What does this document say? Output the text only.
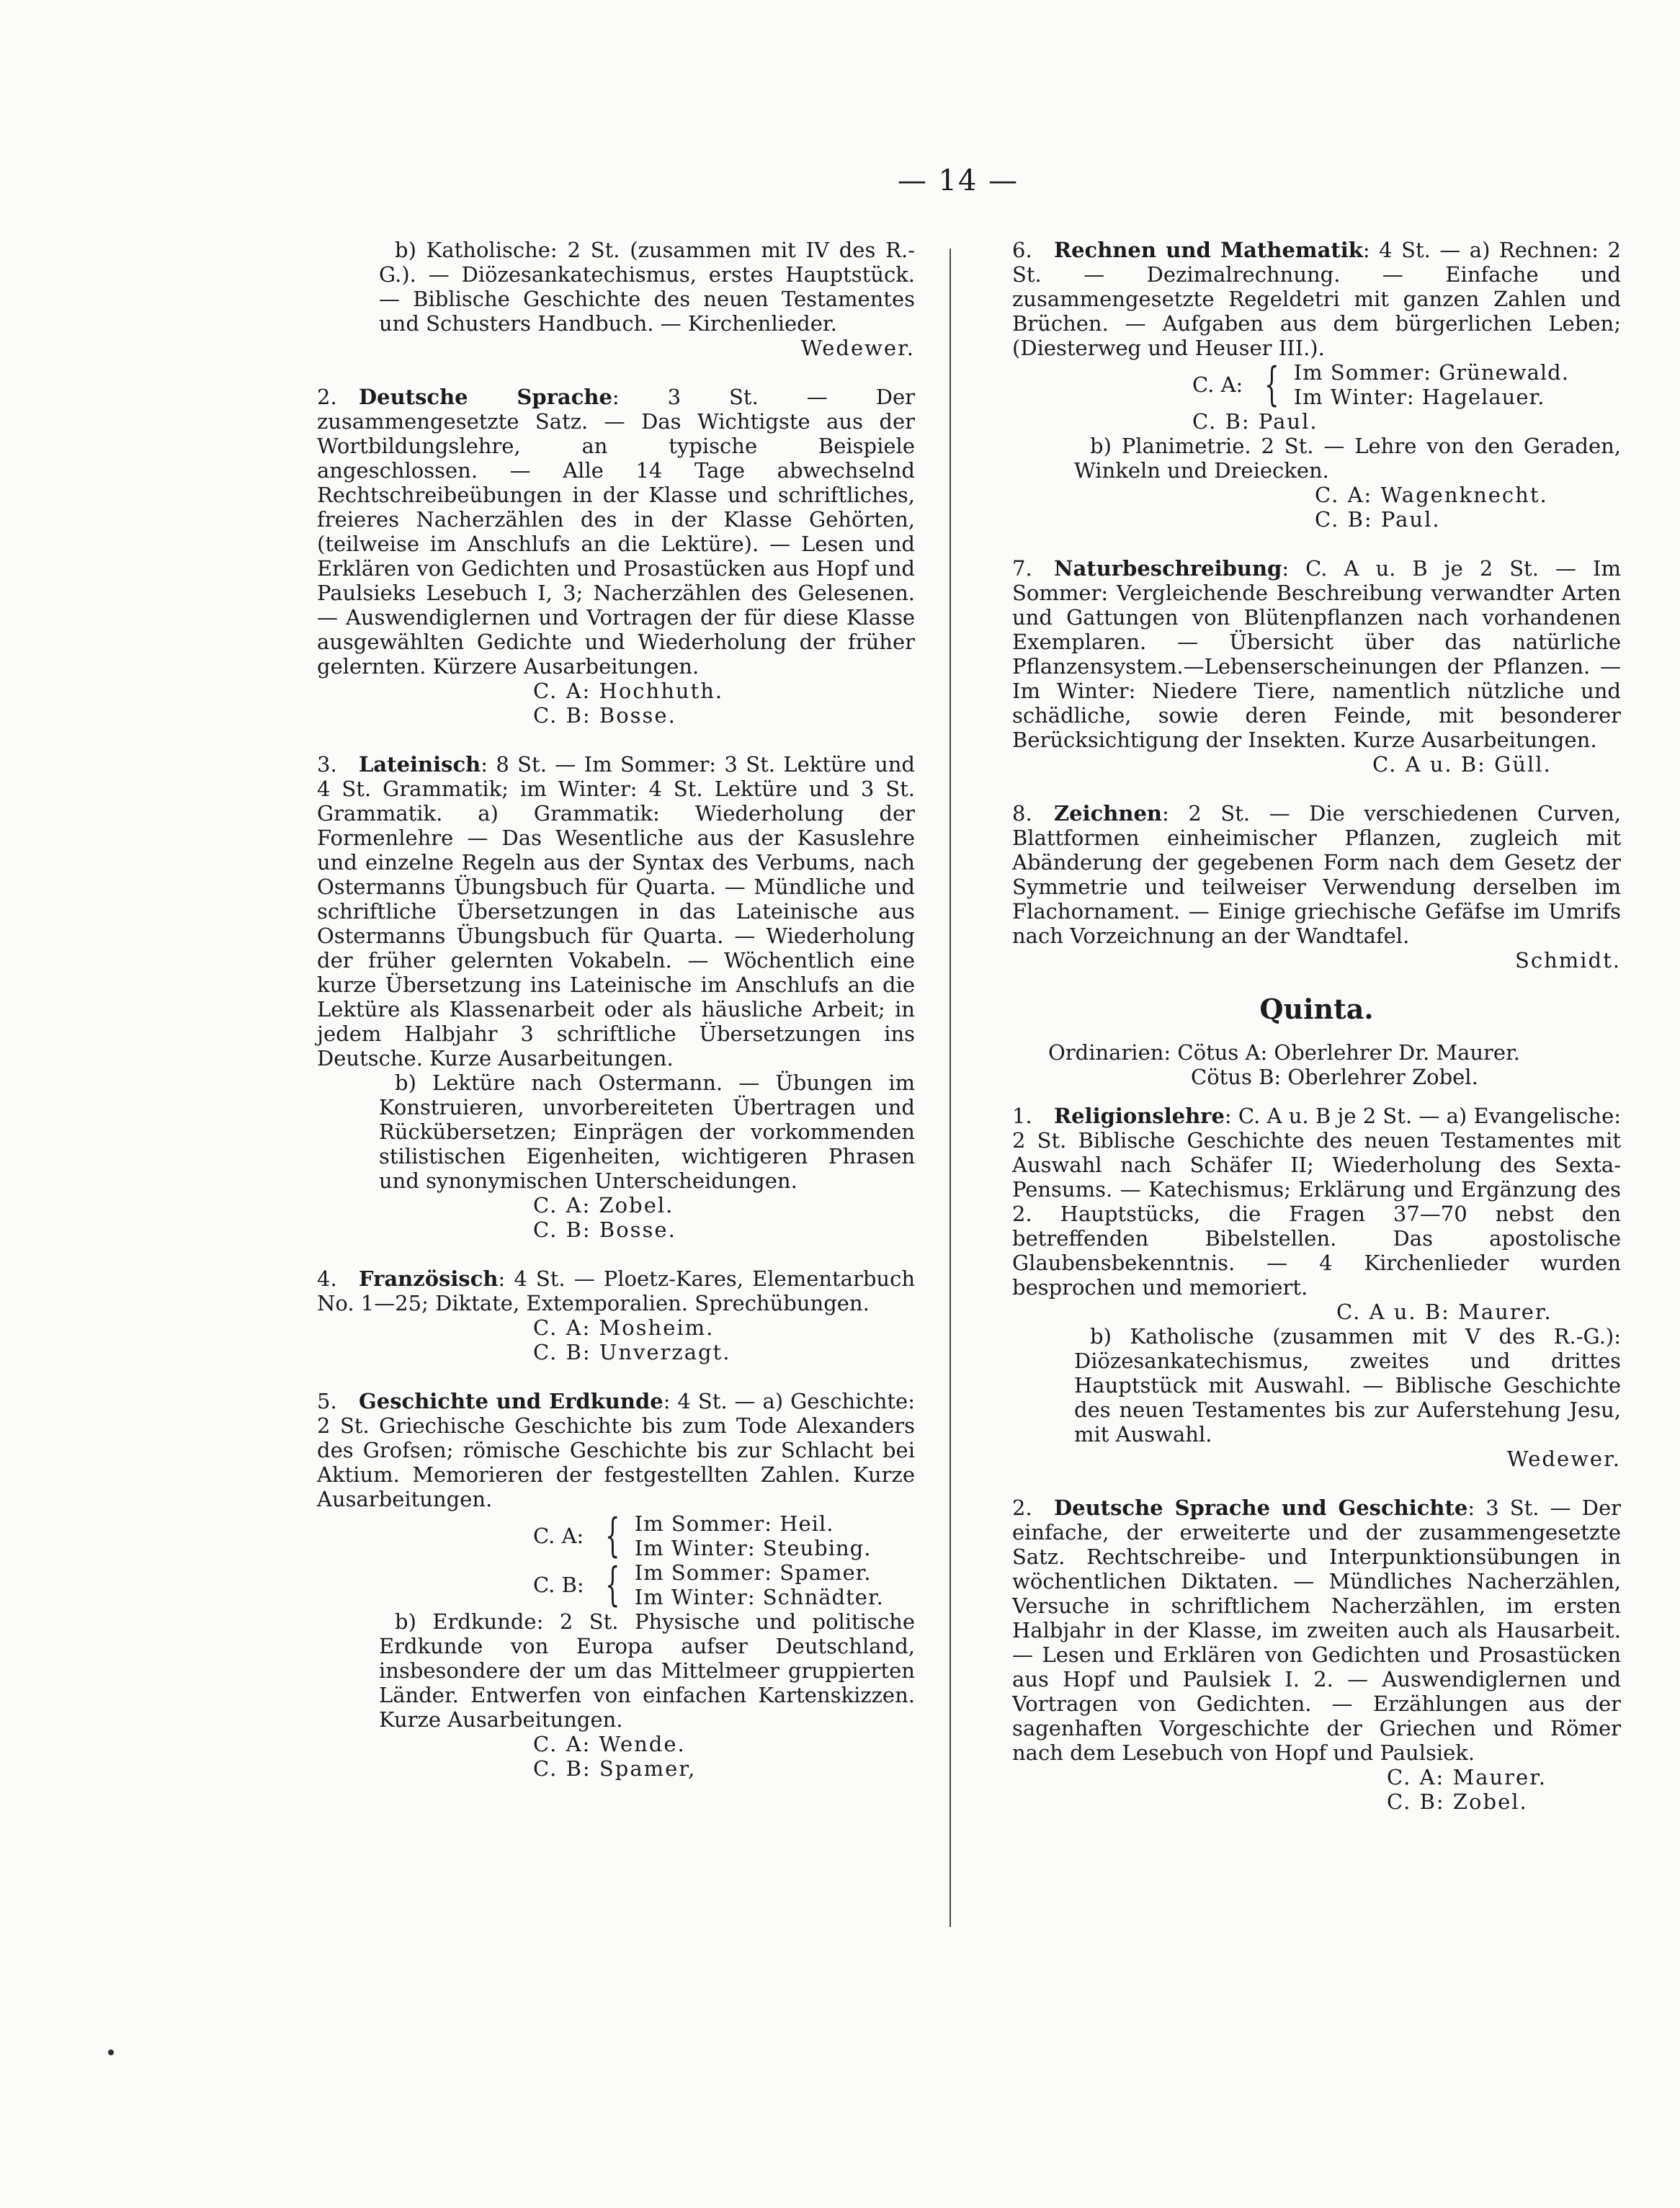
— 14 —

b) Katholische: 2 St. (zusammen mit IV des R.-G.). — Diözesankatechismus, erstes Hauptstück. — Biblische Geschichte des neuen Testamentes und Schusters Handbuch. — Kirchenlieder.

Wedewer.

2. Deutsche Sprache: 3 St. — Der zusammengesetzte Satz. — Das Wichtigste aus der Wortbildungslehre, an typische Beispiele angeschlossen. — Alle 14 Tage abwechselnd Rechtschreibeübungen in der Klasse und schriftliches, freieres Nacherzählen des in der Klasse Gehörten, (teilweise im Anschlufs an die Lektüre). — Lesen und Erklären von Gedichten und Prosastücken aus Hopf und Paulsieks Lesebuch I, 3; Nacherzählen des Gelesenen. — Auswendiglernen und Vortragen der für diese Klasse ausgewählten Gedichte und Wiederholung der früher gelernten. Kürzere Ausarbeitungen.

C. A: Hochhuth.

C. B: Bosse.

3. Lateinisch: 8 St. — Im Sommer: 3 St. Lektüre und 4 St. Grammatik; im Winter: 4 St. Lektüre und 3 St. Grammatik. a) Grammatik: Wiederholung der Formenlehre — Das Wesentliche aus der Kasuslehre und einzelne Regeln aus der Syntax des Verbums, nach Ostermanns Übungsbuch für Quarta. — Mündliche und schriftliche Übersetzungen in das Lateinische aus Ostermanns Übungsbuch für Quarta. — Wiederholung der früher gelernten Vokabeln. — Wöchentlich eine kurze Übersetzung ins Lateinische im Anschlufs an die Lektüre als Klassenarbeit oder als häusliche Arbeit; in jedem Halbjahr 3 schriftliche Übersetzungen ins Deutsche. Kurze Ausarbeitungen.

b) Lektüre nach Ostermann. — Übungen im Konstruieren, unvorbereiteten Übertragen und Rückübersetzen; Einprägen der vorkommenden stilistischen Eigenheiten, wichtigeren Phrasen und synonymischen Unterscheidungen.

C. A: Zobel.

C. B: Bosse.

4. Französisch: 4 St. — Ploetz-Kares, Elementarbuch No. 1—25; Diktate, Extemporalien. Sprechübungen.

C. A: Mosheim.

C. B: Unverzagt.

5. Geschichte und Erdkunde: 4 St. — a) Geschichte: 2 St. Griechische Geschichte bis zum Tode Alexanders des Grofsen; römische Geschichte bis zur Schlacht bei Aktium. Memorieren der festgestellten Zahlen. Kurze Ausarbeitungen.

C. A: { Im Sommer: Heil.
Im Winter: Steubing.
C. B: { Im Sommer: Spamer.
Im Winter: Schnädter.

b) Erdkunde: 2 St. Physische und politische Erdkunde von Europa aufser Deutschland, insbesondere der um das Mittelmeer gruppierten Länder. Entwerfen von einfachen Kartenskizzen. Kurze Ausarbeitungen.

C. A: Wende.

C. B: Spamer,

6. Rechnen und Mathematik: 4 St. — a) Rechnen: 2 St. — Dezimalrechnung. — Einfache und zusammengesetzte Regeldetri mit ganzen Zahlen und Brüchen. — Aufgaben aus dem bürgerlichen Leben; (Diesterweg und Heuser III.).

C. A: { Im Sommer: Grünewald.
Im Winter: Hagelauer.

C. B: Paul.

b) Planimetrie. 2 St. — Lehre von den Geraden, Winkeln und Dreiecken.

C. A: Wagenknecht.

C. B: Paul.

7. Naturbeschreibung: C. A u. B je 2 St. — Im Sommer: Vergleichende Beschreibung verwandter Arten und Gattungen von Blütenpflanzen nach vorhandenen Exemplaren. — Übersicht über das natürliche Pflanzensystem.—Lebenserscheinungen der Pflanzen. — Im Winter: Niedere Tiere, namentlich nützliche und schädliche, sowie deren Feinde, mit besonderer Berücksichtigung der Insekten. Kurze Ausarbeitungen.

C. A u. B: Güll.

8. Zeichnen: 2 St. — Die verschiedenen Curven, Blattformen einheimischer Pflanzen, zugleich mit Abänderung der gegebenen Form nach dem Gesetz der Symmetrie und teilweiser Verwendung derselben im Flachornament. — Einige griechische Gefäfse im Umrifs nach Vorzeichnung an der Wandtafel.

Schmidt.

Quinta.

Ordinarien: Cötus A: Oberlehrer Dr. Maurer.

Cötus B: Oberlehrer Zobel.

1. Religionslehre: C. A u. B je 2 St. — a) Evangelische: 2 St. Biblische Geschichte des neuen Testamentes mit Auswahl nach Schäfer II; Wiederholung des Sexta-Pensums. — Katechismus; Erklärung und Ergänzung des 2. Hauptstücks, die Fragen 37—70 nebst den betreffenden Bibelstellen. Das apostolische Glaubensbekenntnis. — 4 Kirchenlieder wurden besprochen und memoriert.

C. A u. B: Maurer.

b) Katholische (zusammen mit V des R.-G.): Diözesankatechismus, zweites und drittes Hauptstück mit Auswahl. — Biblische Geschichte des neuen Testamentes bis zur Auferstehung Jesu, mit Auswahl.

Wedewer.

2. Deutsche Sprache und Geschichte: 3 St. — Der einfache, der erweiterte und der zusammengesetzte Satz. Rechtschreibe- und Interpunktionsübungen in wöchentlichen Diktaten. — Mündliches Nacherzählen, Versuche in schriftlichem Nacherzählen, im ersten Halbjahr in der Klasse, im zweiten auch als Hausarbeit. — Lesen und Erklären von Gedichten und Prosastücken aus Hopf und Paulsiek I. 2. — Auswendiglernen und Vortragen von Gedichten. — Erzählungen aus der sagenhaften Vorgeschichte der Griechen und Römer nach dem Lesebuch von Hopf und Paulsiek.

C. A: Maurer.

C. B: Zobel.
